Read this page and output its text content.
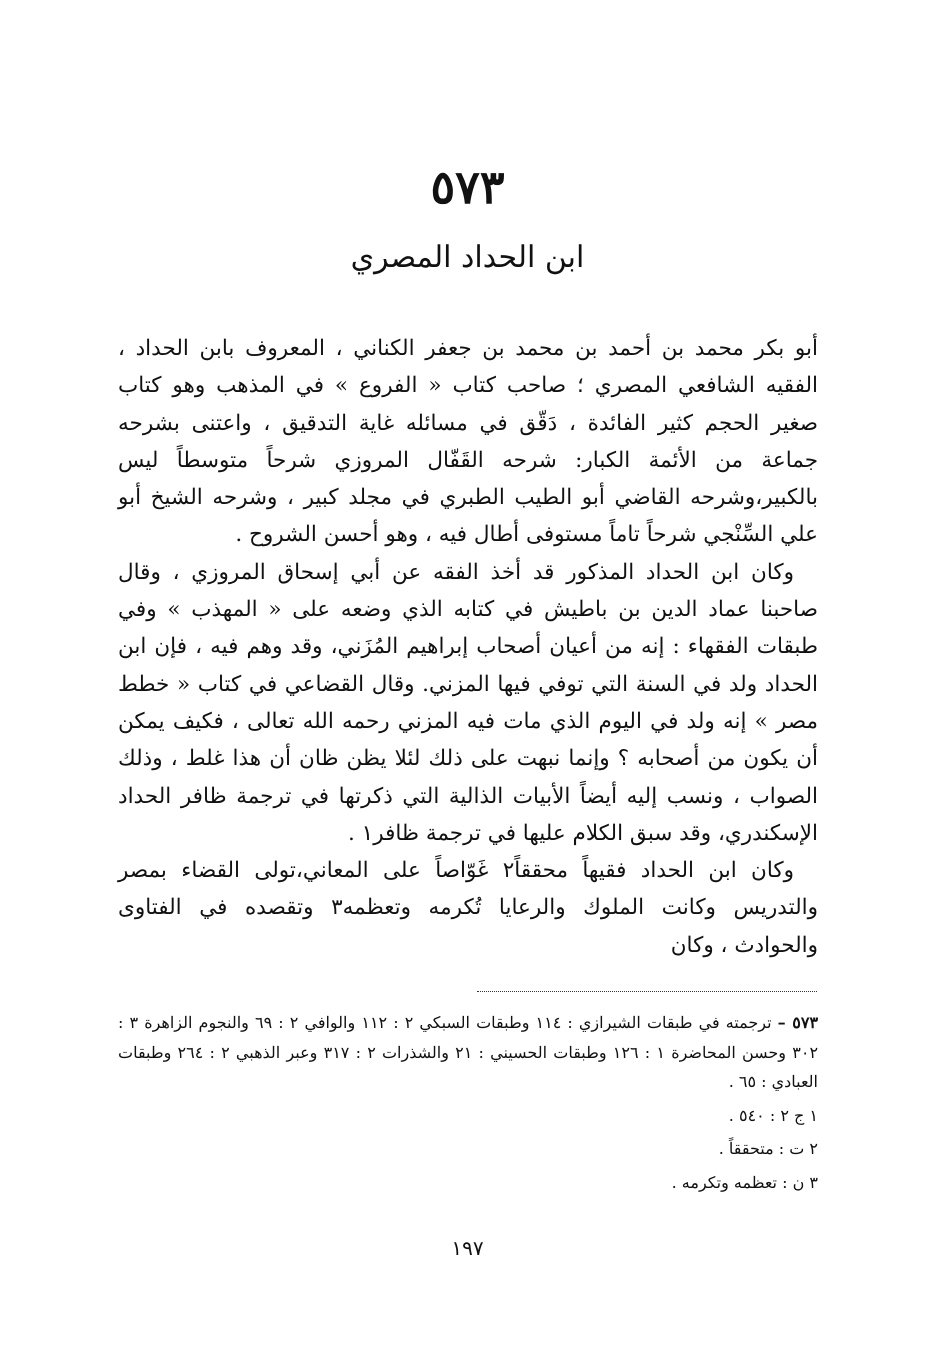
٥٧٣
ابن الحداد المصري

أبو بكر محمد بن أحمد بن محمد بن جعفر الكناني ، المعروف بابن الحداد ، الفقيه الشافعي المصري ؛ صاحب كتاب « الفروع » في المذهب وهو كتاب صغير الحجم كثير الفائدة ، دَقّق في مسائله غاية التدقيق ، واعتنى بشرحه جماعة من الأئمة الكبار: شرحه القَفّال المروزي شرحاً متوسطاً ليس بالكبير،وشرحه القاضي أبو الطيب الطبري في مجلد كبير ، وشرحه الشيخ أبو علي السِّنْجي شرحاً تاماً مستوفى أطال فيه ، وهو أحسن الشروح .

وكان ابن الحداد المذكور قد أخذ الفقه عن أبي إسحاق المروزي ، وقال صاحبنا عماد الدين بن باطيش في كتابه الذي وضعه على « المهذب » وفي طبقات الفقهاء : إنه من أعيان أصحاب إبراهيم المُزَني، وقد وهم فيه ، فإن ابن الحداد ولد في السنة التي توفي فيها المزني. وقال القضاعي في كتاب « خطط مصر » إنه ولد في اليوم الذي مات فيه المزني رحمه الله تعالى ، فكيف يمكن أن يكون من أصحابه ؟ وإنما نبهت على ذلك لئلا يظن ظان أن هذا غلط ، وذلك الصواب ، ونسب إليه أيضاً الأبيات الذالية التي ذكرتها في ترجمة ظافر الحداد الإسكندري، وقد سبق الكلام عليها في ترجمة ظافر١ .

وكان ابن الحداد فقيهاً محققاً٢ غَوّاصاً على المعاني،تولى القضاء بمصر والتدريس وكانت الملوك والرعايا تُكرمه وتعظمه٣ وتقصده في الفتاوى والحوادث ، وكان

٥٧٣ – ترجمته في طبقات الشيرازي : ١١٤ وطبقات السبكي ٢ : ١١٢ والوافي ٢ : ٦٩ والنجوم الزاهرة ٣ : ٣٠٢ وحسن المحاضرة ١ : ١٢٦ وطبقات الحسيني : ٢١ والشذرات ٢ : ٣١٧ وعبر الذهبي ٢ : ٢٦٤ وطبقات العبادي : ٦٥ .

١ ج ٢ : ٥٤٠ .

٢ ت : متحققاً .

٣ ن : تعظمه وتكرمه .

١٩٧
